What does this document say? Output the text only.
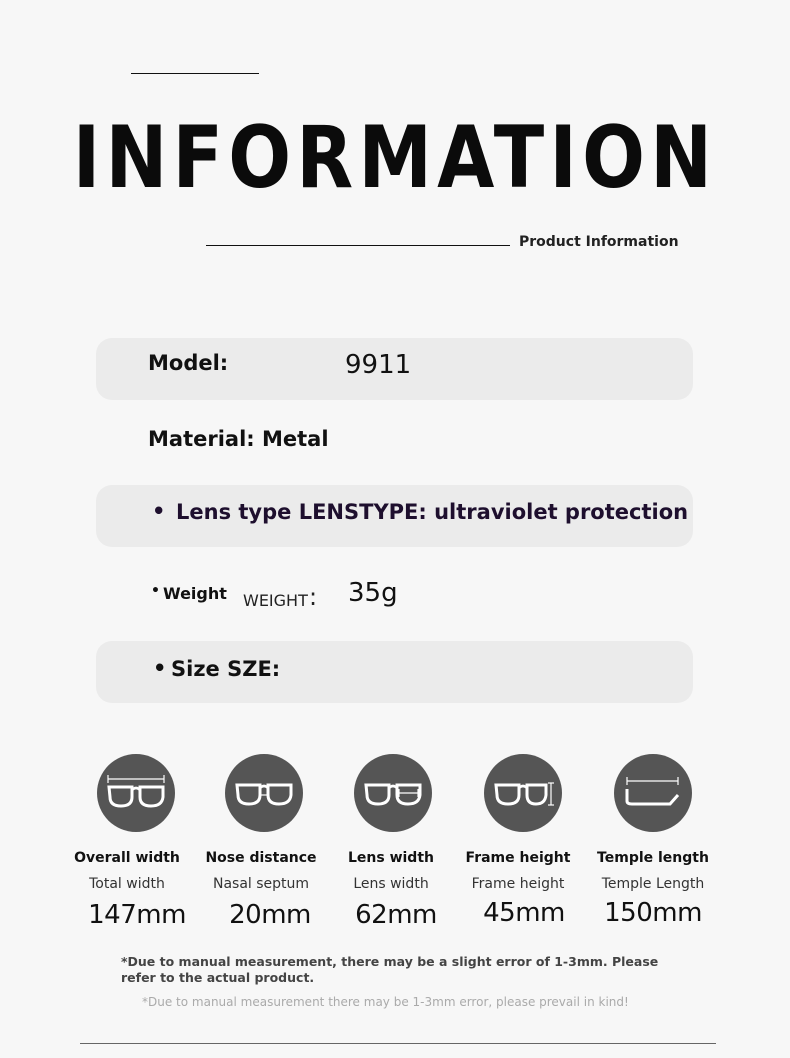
INFORMATION
Product Information
Model:	9911
Material: Metal
• Lens type LENSTYPE: ultraviolet protection
• Weight WEIGHT : 35g
• Size SZE:
Overall width
Total width
147mm
Nose distance
Nasal septum
20mm
Lens width
Lens width
62mm
Frame height
Frame height
45mm
Temple length
Temple Length
150mm
*Due to manual measurement, there may be a slight error of 1-3mm. Please refer to the actual product.
*Due to manual measurement there may be 1-3mm error, please prevail in kind!
